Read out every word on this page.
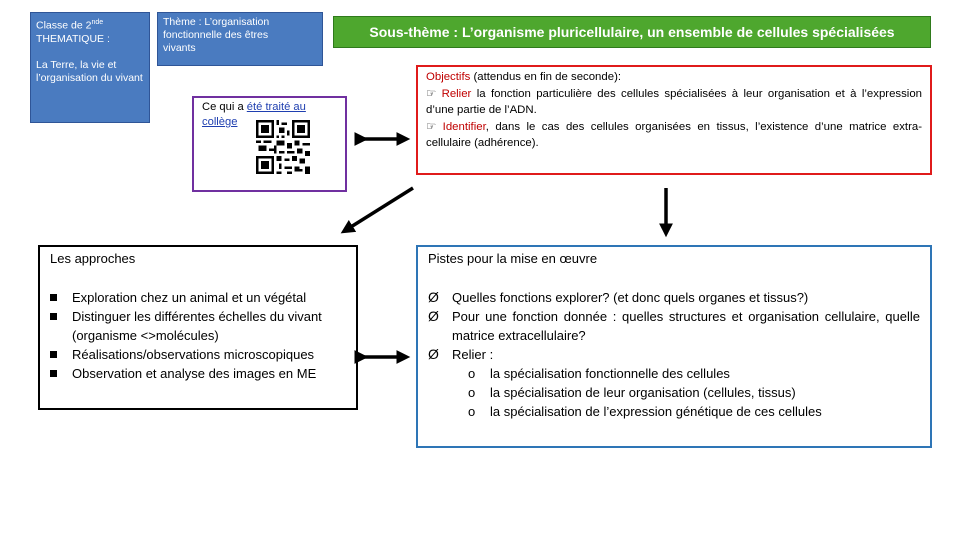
Classe de 2nde
THEMATIQUE :
La Terre, la vie et l’organisation du vivant
Thème : L’organisation fonctionnelle des êtres vivants
Sous-thème : L’organisme pluricellulaire, un ensemble de cellules spécialisées
Objectifs (attendus en fin de seconde):
☞ Relier la fonction particulière des cellules spécialisées à leur organisation et à l’expression d’une partie de l’ADN.
☞ Identifier, dans le cas des cellules organisées en tissus, l’existence d’une matrice extra-cellulaire (adhérence).
Ce qui a été traité au collège
Les approches
Exploration chez un animal et un végétal
Distinguer les différentes échelles du vivant (organisme <>molécules)
Réalisations/observations microscopiques
Observation et analyse des images en ME
Pistes pour la mise en œuvre
Ø Quelles fonctions explorer? (et donc quels organes et tissus?)
Ø Pour une fonction donnée : quelles structures et organisation cellulaire, quelle matrice extracellulaire?
Ø Relier :
o la spécialisation fonctionnelle des cellules
o la spécialisation de leur organisation (cellules, tissus)
o la spécialisation de l’expression génétique de ces cellules
